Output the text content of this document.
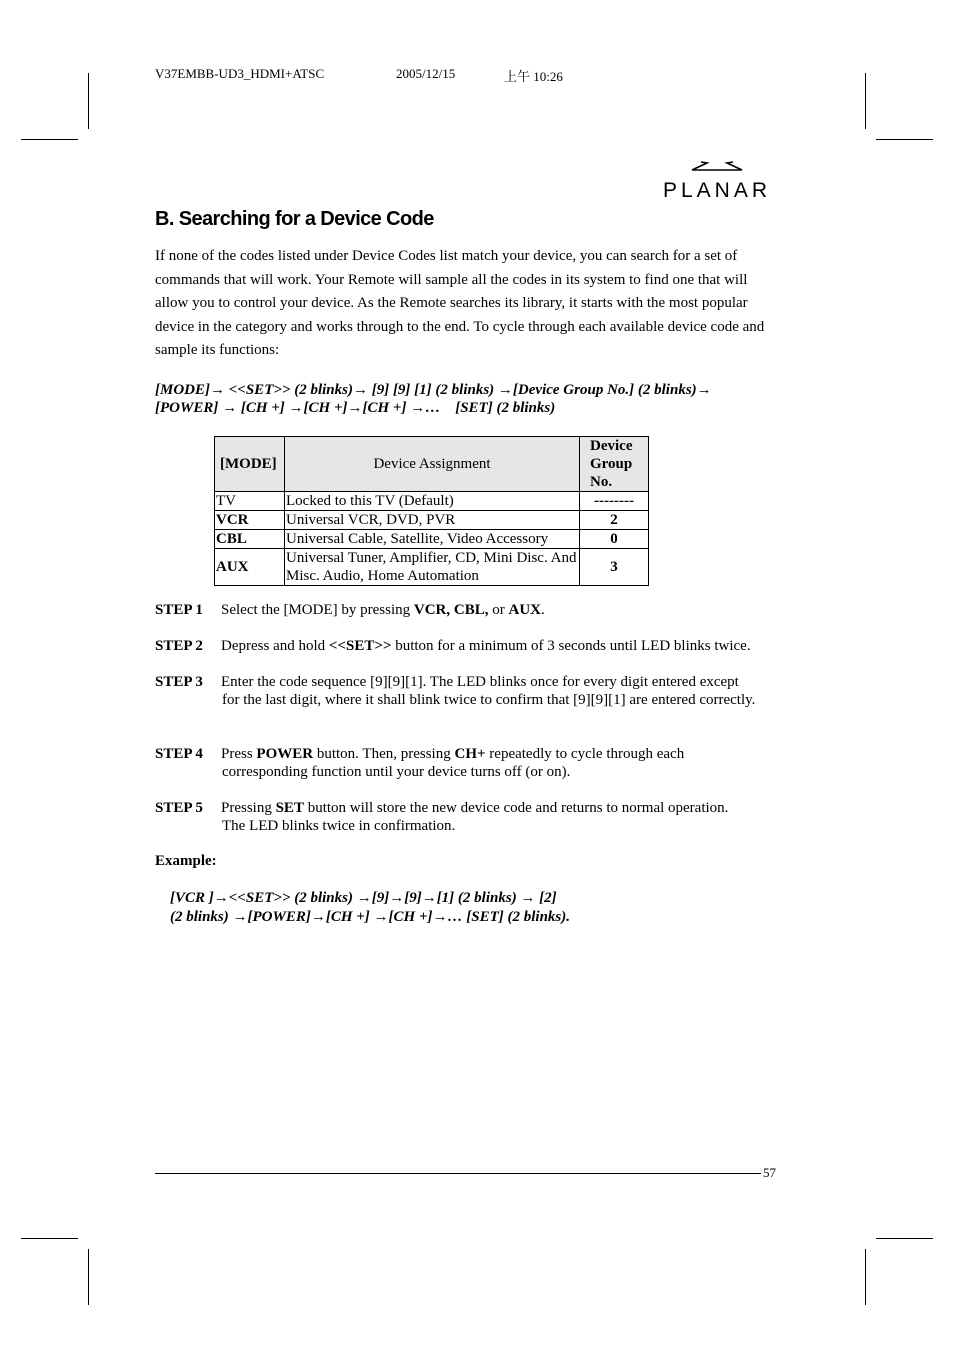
V37EMBB-UD3_HDMI+ATSC	2005/12/15	上午 10:26
PLANAR
B. Searching for a Device Code
If none of the codes listed under Device Codes list match your device, you can search for a set of commands that will work. Your Remote will sample all the codes in its system to find one that will allow you to control your device. As the Remote searches its library, it starts with the most popular device in the category and works through to the end. To cycle through each available device code and sample its functions:
[MODE]→ <<SET>> (2 blinks)→ [9] [9] [1] (2 blinks) →[Device Group No.] (2 blinks)→
[POWER] → [CH +] →[CH +]→[CH +] →…    [SET] (2 blinks)
[MODE]	Device Assignment	Device Group No.
TV	Locked to this TV (Default)	--------
VCR	Universal VCR, DVD, PVR	2
CBL	Universal Cable, Satellite, Video Accessory	0
AUX	Universal Tuner, Amplifier, CD, Mini Disc. And Misc. Audio, Home Automation	3
STEP 1 Select the [MODE] by pressing VCR, CBL, or AUX.
STEP 2 Depress and hold <<SET>> button for a minimum of 3 seconds until LED blinks twice.
STEP 3 Enter the code sequence [9][9][1]. The LED blinks once for every digit entered except
for the last digit, where it shall blink twice to confirm that [9][9][1] are entered correctly.
STEP 4 Press POWER button. Then, pressing CH+ repeatedly to cycle through each
corresponding function until your device turns off (or on).
STEP 5 Pressing SET button will store the new device code and returns to normal operation.
The LED blinks twice in confirmation.
Example:
[VCR ]→<<SET>> (2 blinks) →[9]→[9]→[1] (2 blinks) → [2]
(2 blinks) →[POWER]→[CH +] →[CH +]→… [SET] (2 blinks).
57
